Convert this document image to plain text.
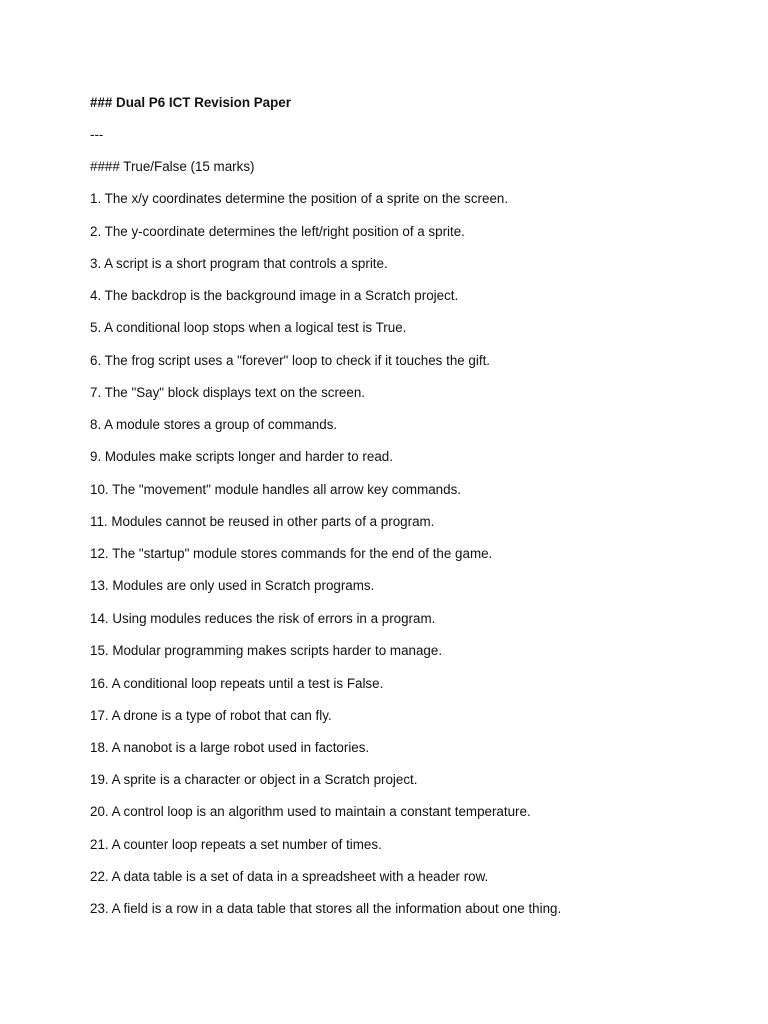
### Dual P6 ICT Revision Paper
---
#### True/False (15 marks)
1. The x/y coordinates determine the position of a sprite on the screen.
2. The y-coordinate determines the left/right position of a sprite.
3. A script is a short program that controls a sprite.
4. The backdrop is the background image in a Scratch project.
5. A conditional loop stops when a logical test is True.
6. The frog script uses a "forever" loop to check if it touches the gift.
7. The "Say" block displays text on the screen.
8. A module stores a group of commands.
9. Modules make scripts longer and harder to read.
10. The "movement" module handles all arrow key commands.
11. Modules cannot be reused in other parts of a program.
12. The "startup" module stores commands for the end of the game.
13. Modules are only used in Scratch programs.
14. Using modules reduces the risk of errors in a program.
15. Modular programming makes scripts harder to manage.
16. A conditional loop repeats until a test is False.
17. A drone is a type of robot that can fly.
18. A nanobot is a large robot used in factories.
19. A sprite is a character or object in a Scratch project.
20. A control loop is an algorithm used to maintain a constant temperature.
21. A counter loop repeats a set number of times.
22. A data table is a set of data in a spreadsheet with a header row.
23. A field is a row in a data table that stores all the information about one thing.
